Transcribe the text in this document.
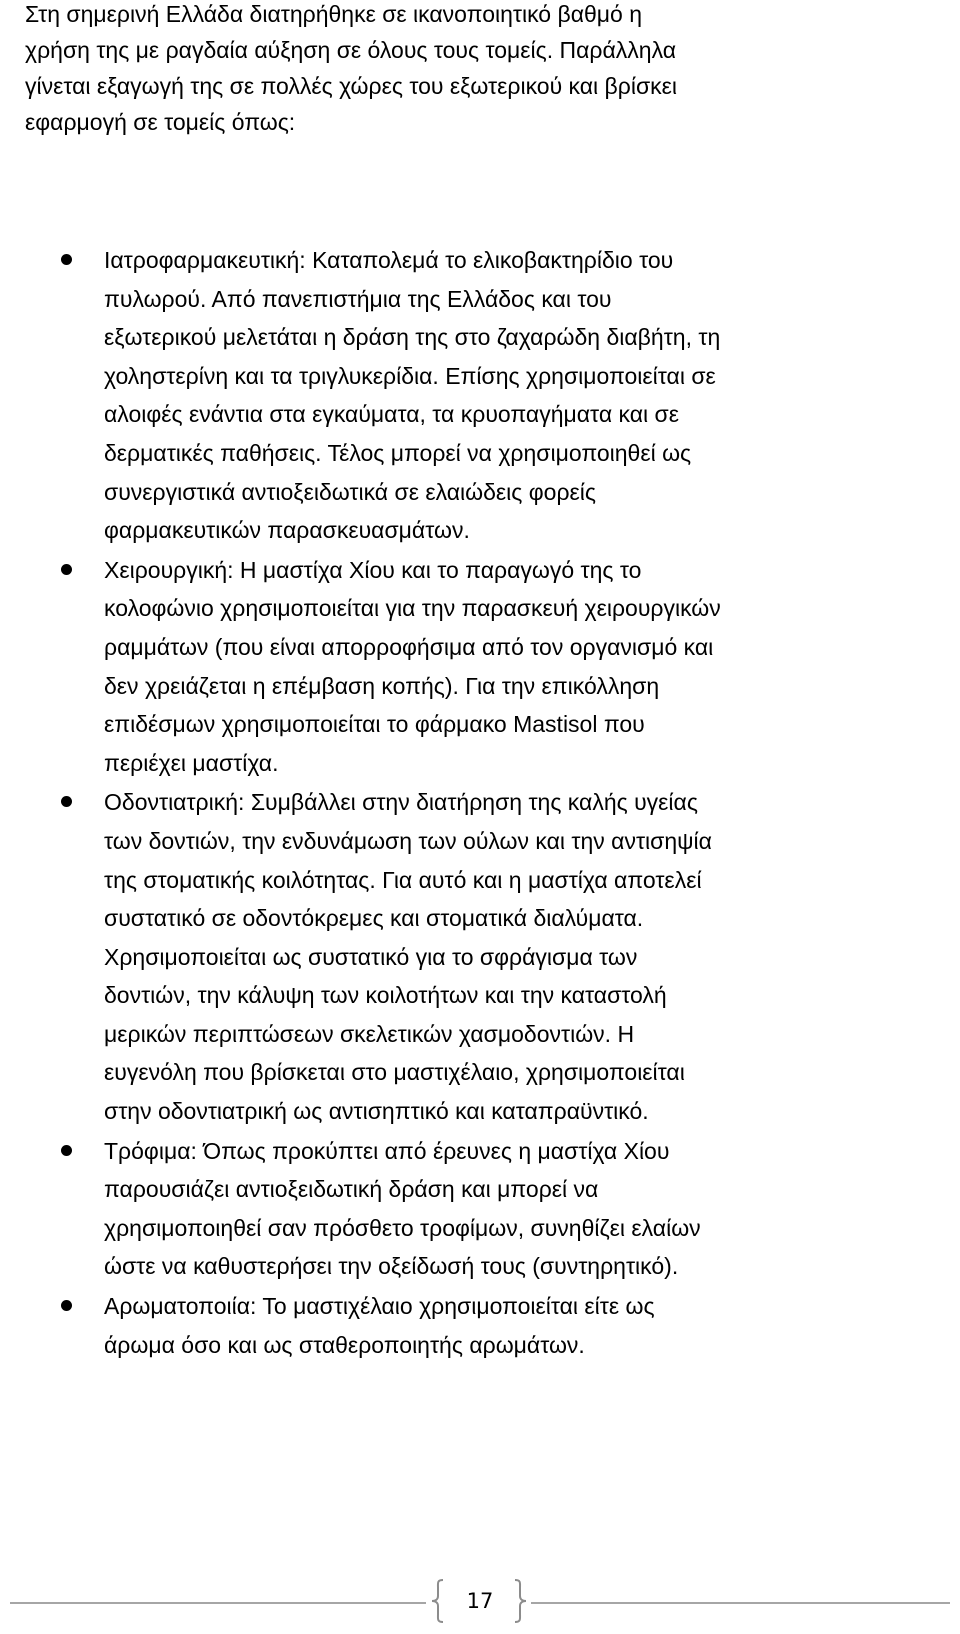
Στη σημερινή Ελλάδα διατηρήθηκε σε ικανοποιητικό βαθμό η

χρήση της με ραγδαία αύξηση σε όλους τους τομείς. Παράλληλα

γίνεται εξαγωγή της σε πολλές χώρες του εξωτερικού και βρίσκει

εφαρμογή σε τομείς όπως:

Ιατροφαρμακευτική: Καταπολεμά το ελικοβακτηρίδιο του
πυλωρού. Από πανεπιστήμια της Ελλάδος και του
εξωτερικού μελετάται η δράση της στο ζαχαρώδη διαβήτη, τη
χοληστερίνη και τα τριγλυκερίδια. Επίσης χρησιμοποιείται σε
αλοιφές ενάντια στα εγκαύματα, τα κρυοπαγήματα και σε
δερματικές παθήσεις. Τέλος μπορεί να χρησιμοποιηθεί ως
συνεργιστικά αντιοξειδωτικά σε ελαιώδεις φορείς
φαρμακευτικών παρασκευασμάτων.
Χειρουργική: Η μαστίχα Χίου και το παραγωγό της το
κολοφώνιο χρησιμοποιείται για την παρασκευή χειρουργικών
ραμμάτων (που είναι απορροφήσιμα από τον οργανισμό και
δεν χρειάζεται η επέμβαση κοπής). Για την επικόλληση
επιδέσμων χρησιμοποιείται το φάρμακο Mastisol που
περιέχει μαστίχα.
Οδοντιατρική: Συμβάλλει στην διατήρηση της καλής υγείας
των δοντιών, την ενδυνάμωση των ούλων και την αντισηψία
της στοματικής κοιλότητας. Για αυτό και η μαστίχα αποτελεί
συστατικό σε οδοντόκρεμες και στοματικά διαλύματα.
Χρησιμοποιείται ως συστατικό για το σφράγισμα των
δοντιών, την κάλυψη των κοιλοτήτων και την καταστολή
μερικών περιπτώσεων σκελετικών χασμοδοντιών. Η
ευγενόλη που βρίσκεται στο μαστιχέλαιο, χρησιμοποιείται
στην οδοντιατρική ως αντισηπτικό και καταπραϋντικό.
Τρόφιμα: Όπως προκύπτει από έρευνες η μαστίχα Χίου
παρουσιάζει αντιοξειδωτική δράση και μπορεί να
χρησιμοποιηθεί σαν πρόσθετο τροφίμων, συνηθίζει ελαίων
ώστε να καθυστερήσει την οξείδωσή τους (συντηρητικό).
Αρωματοποιία: Το μαστιχέλαιο χρησιμοποιείται είτε ως
άρωμα όσο και ως σταθεροποιητής αρωμάτων.
17
